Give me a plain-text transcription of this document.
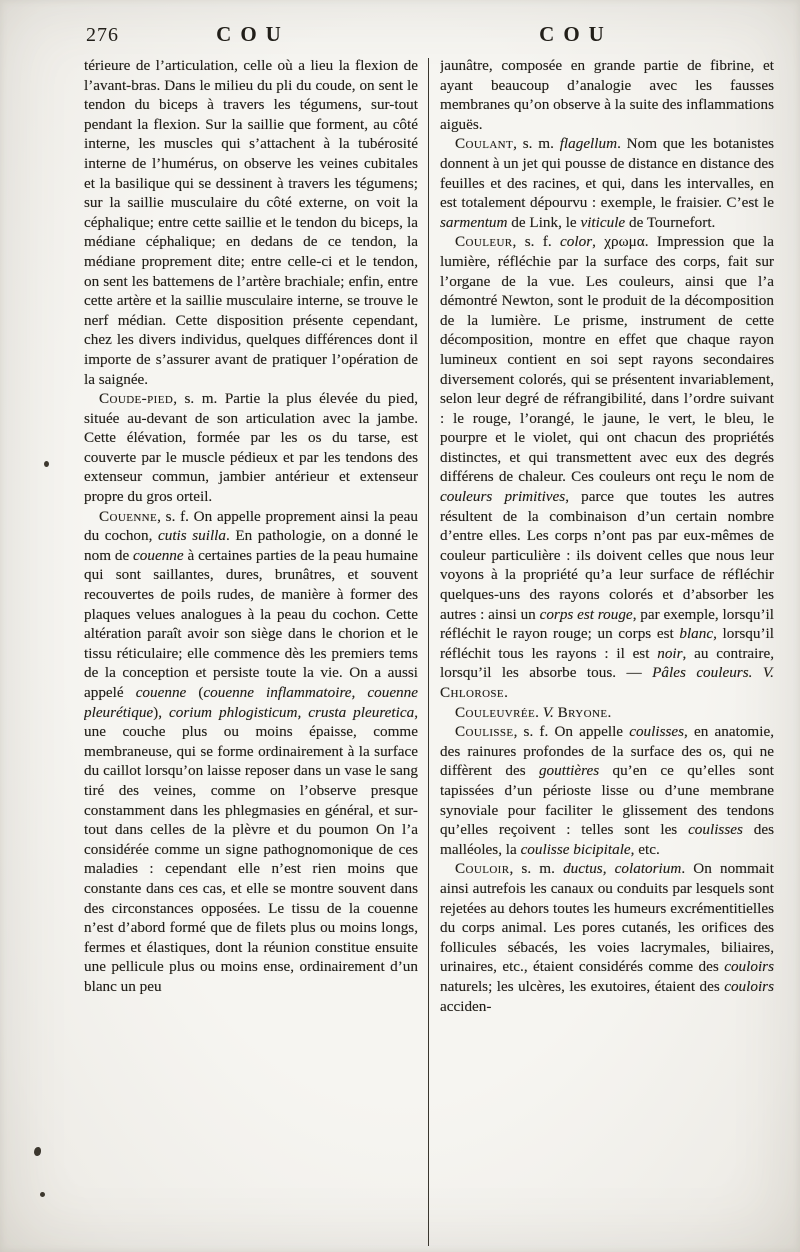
276	COU	COU

térieure de l’articulation, celle où a lieu la flexion de l’avant-bras. Dans le milieu du pli du coude, on sent le tendon du biceps à travers les tégumens, sur-tout pendant la flexion. Sur la saillie que forment, au côté interne, les muscles qui s’attachent à la tubérosité interne de l’humérus, on observe les veines cubitales et la basilique qui se dessinent à travers les tégumens; sur la saillie musculaire du côté externe, on voit la céphalique; entre cette saillie et le tendon du biceps, la médiane céphalique; en dedans de ce tendon, la médiane proprement dite; entre celle-ci et le tendon, on sent les battemens de l’artère brachiale; enfin, entre cette artère et la saillie musculaire interne, se trouve le nerf médian. Cette disposition présente cependant, chez les divers individus, quelques différences dont il importe de s’assurer avant de pratiquer l’opération de la saignée.

Coude-pied, s. m. Partie la plus élevée du pied, située au-devant de son articulation avec la jambe. Cette élévation, formée par les os du tarse, est couverte par le muscle pédieux et par les tendons des extenseur commun, jambier antérieur et extenseur propre du gros orteil.

Couenne, s. f. On appelle proprement ainsi la peau du cochon, cutis suilla. En pathologie, on a donné le nom de couenne à certaines parties de la peau humaine qui sont saillantes, dures, brunâtres, et souvent recouvertes de poils rudes, de manière à former des plaques velues analogues à la peau du cochon. Cette altération paraît avoir son siège dans le chorion et le tissu réticulaire; elle commence dès les premiers tems de la conception et persiste toute la vie. On a aussi appelé couenne (couenne inflammatoire, couenne pleurétique), corium phlogisticum, crusta pleuretica, une couche plus ou moins épaisse, comme membraneuse, qui se forme ordinairement à la surface du caillot lorsqu’on laisse reposer dans un vase le sang tiré des veines, comme on l’observe presque constamment dans les phlegmasies en général, et sur-tout dans celles de la plèvre et du poumon On l’a considérée comme un signe pathognomonique de ces maladies : cependant elle n’est rien moins que constante dans ces cas, et elle se montre souvent dans des circonstances opposées. Le tissu de la couenne n’est d’abord formé que de filets plus ou moins longs, fermes et élastiques, dont la réunion constitue ensuite une pellicule plus ou moins ense, ordinairement d’un blanc un peu

jaunâtre, composée en grande partie de fibrine, et ayant beaucoup d’analogie avec les fausses membranes qu’on observe à la suite des inflammations aiguës.

Coulant, s. m. flagellum. Nom que les botanistes donnent à un jet qui pousse de distance en distance des feuilles et des racines, et qui, dans les intervalles, en est totalement dépourvu : exemple, le fraisier. C’est le sarmentum de Link, le viticule de Tournefort.

Couleur, s. f. color, χρωμα. Impression que la lumière, réfléchie par la surface des corps, fait sur l’organe de la vue. Les couleurs, ainsi que l’a démontré Newton, sont le produit de la décomposition de la lumière. Le prisme, instrument de cette décomposition, montre en effet que chaque rayon lumineux contient en soi sept rayons secondaires diversement colorés, qui se présentent invariablement, selon leur degré de réfrangibilité, dans l’ordre suivant : le rouge, l’orangé, le jaune, le vert, le bleu, le pourpre et le violet, qui ont chacun des propriétés distinctes, et qui transmettent avec eux des degrés différens de chaleur. Ces couleurs ont reçu le nom de couleurs primitives, parce que toutes les autres résultent de la combinaison d’un certain nombre d’entre elles. Les corps n’ont pas par eux-mêmes de couleur particulière : ils doivent celles que nous leur voyons à la propriété qu’a leur surface de réfléchir quelques-uns des rayons colorés et d’absorber les autres : ainsi un corps est rouge, par exemple, lorsqu’il réfléchit le rayon rouge; un corps est blanc, lorsqu’il réfléchit tous les rayons : il est noir, au contraire, lorsqu’il les absorbe tous. — Pâles couleurs. V. Chlorose.

Couleuvrée. V. Bryone.

Coulisse, s. f. On appelle coulisses, en anatomie, des rainures profondes de la surface des os, qui ne diffèrent des gouttières qu’en ce qu’elles sont tapissées d’un périoste lisse ou d’une membrane synoviale pour faciliter le glissement des tendons qu’elles reçoivent : telles sont les coulisses des malléoles, la coulisse bicipitale, etc.

Couloir, s. m. ductus, colatorium. On nommait ainsi autrefois les canaux ou conduits par lesquels sont rejetées au dehors toutes les humeurs excrémentitielles du corps animal. Les pores cutanés, les orifices des follicules sébacés, les voies lacrymales, biliaires, urinaires, etc., étaient considérés comme des couloirs naturels; les ulcères, les exutoires, étaient des couloirs acciden-
